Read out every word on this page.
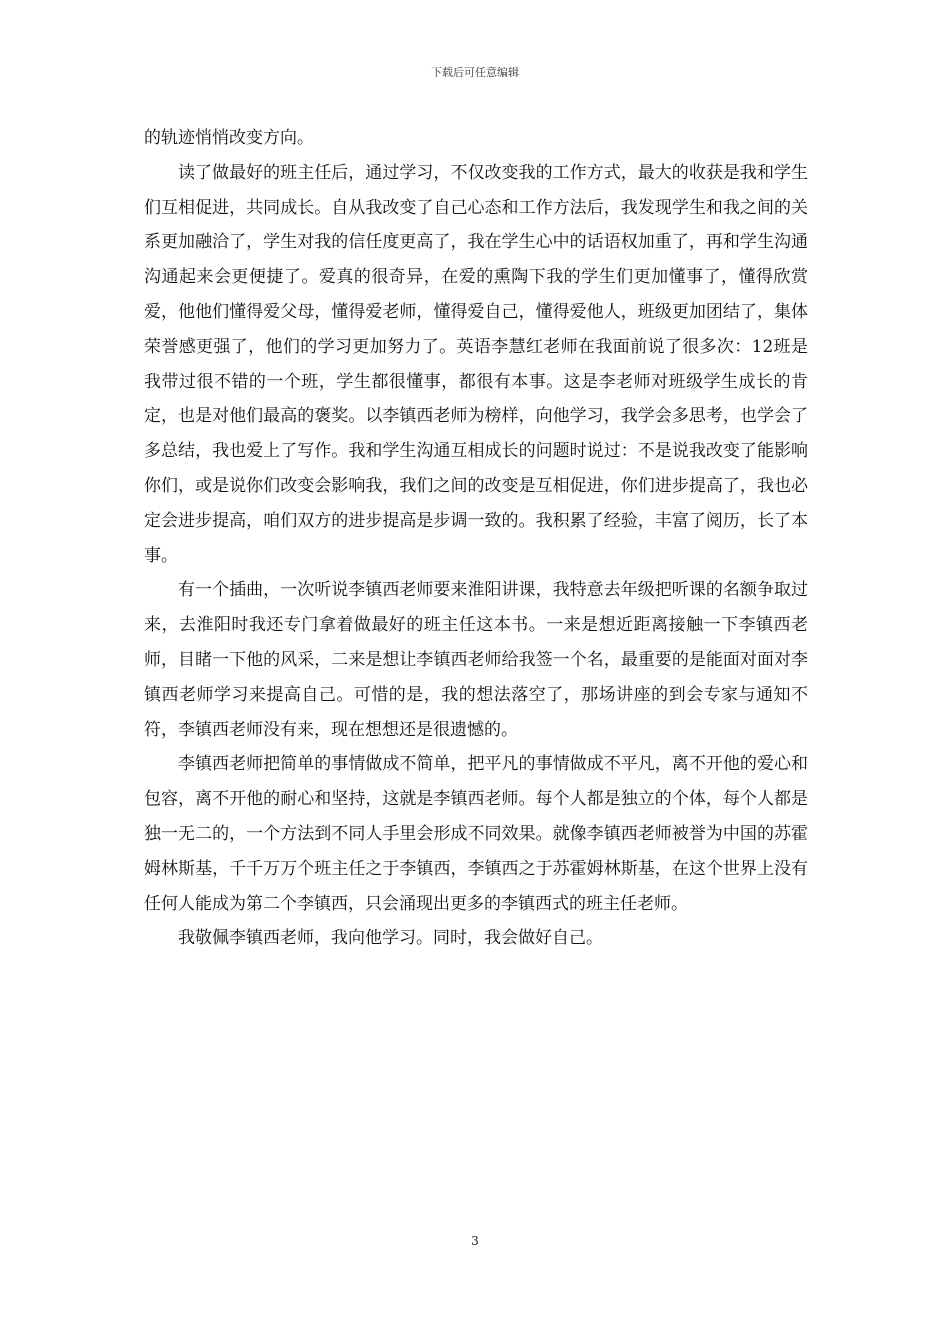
下载后可任意编辑

的轨迹悄悄改变方向。

读了做最好的班主任后，通过学习，不仅改变我的工作方式，最大的收获是我和学生们互相促进，共同成长。自从我改变了自己心态和工作方法后，我发现学生和我之间的关系更加融洽了，学生对我的信任度更高了，我在学生心中的话语权加重了，再和学生沟通沟通起来会更便捷了。爱真的很奇异，在爱的熏陶下我的学生们更加懂事了，懂得欣赏爱，他他们懂得爱父母，懂得爱老师，懂得爱自己，懂得爱他人，班级更加团结了，集体荣誉感更强了，他们的学习更加努力了。英语李慧红老师在我面前说了很多次：12班是我带过很不错的一个班，学生都很懂事，都很有本事。这是李老师对班级学生成长的肯定，也是对他们最高的褒奖。以李镇西老师为榜样，向他学习，我学会多思考，也学会了多总结，我也爱上了写作。我和学生沟通互相成长的问题时说过：不是说我改变了能影响你们，或是说你们改变会影响我，我们之间的改变是互相促进，你们进步提高了，我也必定会进步提高，咱们双方的进步提高是步调一致的。我积累了经验，丰富了阅历，长了本事。

有一个插曲，一次听说李镇西老师要来淮阳讲课，我特意去年级把听课的名额争取过来，去淮阳时我还专门拿着做最好的班主任这本书。一来是想近距离接触一下李镇西老师，目睹一下他的风采，二来是想让李镇西老师给我签一个名，最重要的是能面对面对李镇西老师学习来提高自己。可惜的是，我的想法落空了，那场讲座的到会专家与通知不符，李镇西老师没有来，现在想想还是很遗憾的。

李镇西老师把简单的事情做成不简单，把平凡的事情做成不平凡，离不开他的爱心和包容，离不开他的耐心和坚持，这就是李镇西老师。每个人都是独立的个体，每个人都是独一无二的，一个方法到不同人手里会形成不同效果。就像李镇西老师被誉为中国的苏霍姆林斯基，千千万万个班主任之于李镇西，李镇西之于苏霍姆林斯基，在这个世界上没有任何人能成为第二个李镇西，只会涌现出更多的李镇西式的班主任老师。

我敬佩李镇西老师，我向他学习。同时，我会做好自己。

3
